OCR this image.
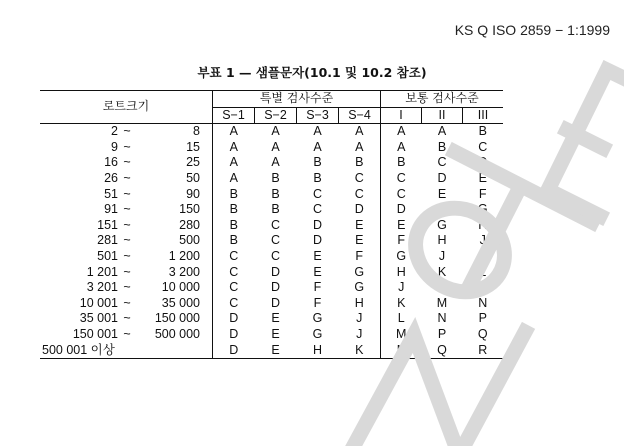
KS Q ISO 2859 − 1:1999
부표 1 — 샘플문자(10.1 및 10.2 참조)
로트크기	특별 검사수준				보통 검사수준		
	S−1	S−2	S−3	S−4	I	II	III

2 ~ 8	A	A	A	A	A	A	B

9 ~ 15	A	A	A	A	A	B	C

16 ~ 25	A	A	B	B	B	C	D

26 ~ 50	A	B	B	C	C	D	E

51 ~ 90	B	B	C	C	C	E	F

91 ~ 150	B	B	C	D	D	F	G

151 ~ 280	B	C	D	E	E	G	H

281 ~ 500	B	C	D	E	F	H	J

501 ~ 1 200	C	C	E	F	G	J	K

1 201 ~ 3 200	C	D	E	G	H	K	L

3 201 ~ 10 000	C	D	F	G	J	L	M

10 001 ~ 35 000	C	D	F	H	K	M	N

35 001 ~ 150 000	D	E	G	J	L	N	P

150 001 ~ 500 000	D	E	G	J	M	P	Q
500 001 이상	D	E	H	K	N	Q	R
